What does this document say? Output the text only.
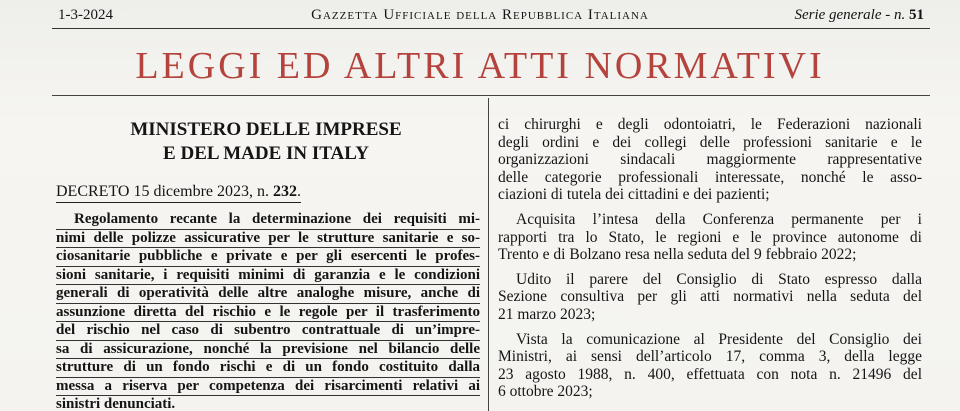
1-3-2024	Gazzetta Ufficiale della Repubblica Italiana	Serie generale - n. 51
LEGGI ED ALTRI ATTI NORMATIVI
MINISTERO DELLE IMPRESE
E DEL MADE IN ITALY
DECRETO 15 dicembre 2023, n. 232.
Regolamento recante la determinazione dei requisiti mi-
nimi delle polizze assicurative per le strutture sanitarie e so-
ciosanitarie pubbliche e private e per gli esercenti le profes-
sioni sanitarie, i requisiti minimi di garanzia e le condizioni
generali di operatività delle altre analoghe misure, anche di
assunzione diretta del rischio e le regole per il trasferimento
del rischio nel caso di subentro contrattuale di un’impre-
sa di assicurazione, nonché la previsione nel bilancio delle
strutture di un fondo rischi e di un fondo costituito dalla
messa a riserva per competenza dei risarcimenti relativi ai
sinistri denunciati.
ci chirurghi e degli odontoiatri, le Federazioni nazionali
degli ordini e dei collegi delle professioni sanitarie e le
organizzazioni sindacali maggiormente rappresentative
delle categorie professionali interessate, nonché le asso-
ciazioni di tutela dei cittadini e dei pazienti;
Acquisita l’intesa della Conferenza permanente per i
rapporti tra lo Stato, le regioni e le province autonome di
Trento e di Bolzano resa nella seduta del 9 febbraio 2022;
Udito il parere del Consiglio di Stato espresso dalla
Sezione consultiva per gli atti normativi nella seduta del
21 marzo 2023;
Vista la comunicazione al Presidente del Consiglio dei
Ministri, ai sensi dell’articolo 17, comma 3, della legge
23 agosto 1988, n. 400, effettuata con nota n. 21496 del
6 ottobre 2023;
